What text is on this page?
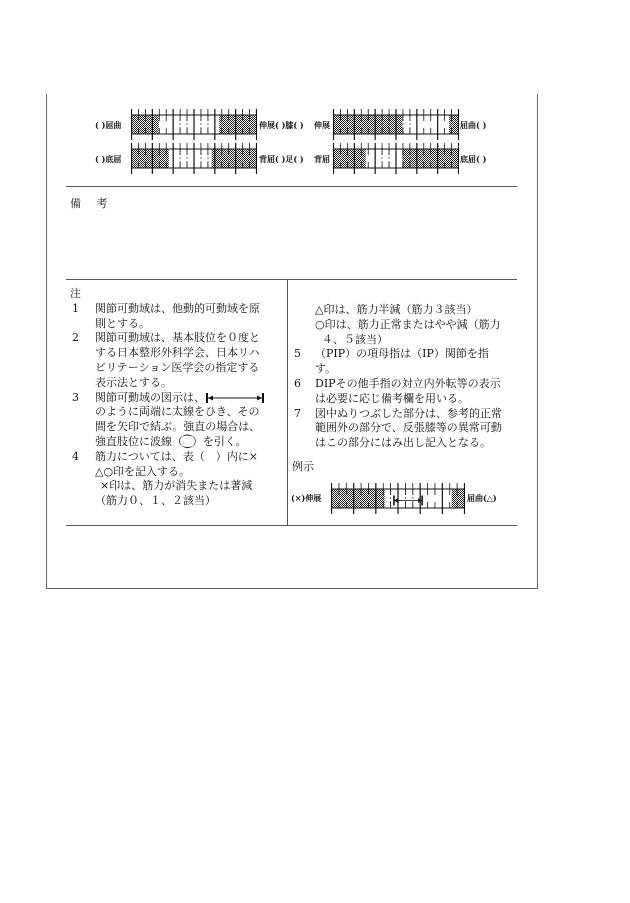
( )屈曲	伸展( )膝( ) 伸展	屈曲( )
( )底屈	背屈( )足( ) 背屈	底屈( )
備 考
注
1 関節可動域は、他動的可動域を原
則とする。
2 関節可動域は、基本肢位を０度と
する日本整形外科学会、日本リハ
ビリテーション医学会の指定する
表示法とする。
3 関節可動域の図示は、
のように両端に太線をひき、その
間を矢印で結ぶ。強直の場合は、
強直肢位に波線（⁐）を引く。
4 筋力については、表（　）内に×
△○印を記入する。
×印は、筋力が消失または著減
（筋力０、１、２該当）
△印は、筋力半減（筋力３該当）
○印は、筋力正常またはやや減（筋力
４、５該当）
5 （PIP）の項母指は（IP）関節を指
す。
6 DIPその他手指の対立内外転等の表示
は必要に応じ備考欄を用いる。
7 図中ぬりつぶした部分は、参考的正常
範囲外の部分で、反張膝等の異常可動
はこの部分にはみ出し記入となる。
例示
(×)伸展	屈曲(△)
